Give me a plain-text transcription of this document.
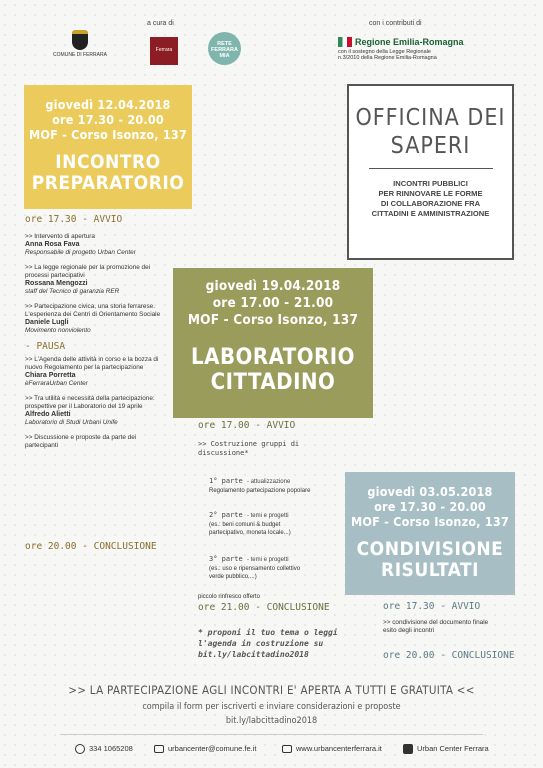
COMUNE DI FERRARA
a cura di
Ferrara
RETE FERRARA MIA
con i contributi di
Regione Emilia-Romagna
con il sostegno della Legge Regionale
n.3/2010 della Regione Emilia-Romagna
OFFICINA DEI
SAPERI
INCONTRI PUBBLICI
PER RINNOVARE LE FORME
DI COLLABORAZIONE FRA
CITTADINI E AMMINISTRAZIONE
giovedì 12.04.2018
ore 17.30 - 20.00
MOF - Corso Isonzo, 137
INCONTRO
PREPARATORIO
ore 17.30 - AVVIO
>> Intervento di apertura
Anna Rosa Fava
Responsabile di progetto Urban Center
>> La legge regionale per la promozione dei processi partecipativi
Rossana Mengozzi
staff del Tecnico di garanzia RER
>> Partecipazione civica, una storia ferrarese. L'esperienza dei Centri di Orientamento Sociale
Daniele Lugli
Movimento nonviolento
- PAUSA
>> L'Agenda delle attività in corso e la bozza di nuovo Regolamento per la partecipazione
Chiara Porretta
èFerraraUrban Center
>> Tra utilità e necessità della partecipazione: prospettive per il Laboratorio del 19 aprile
Alfredo Alietti
Laboratorio di Studi Urbani Unife
>> Discussione e proposte da parte dei partecipanti
ore 20.00 - CONCLUSIONE
giovedì 19.04.2018
ore 17.00 - 21.00
MOF - Corso Isonzo, 137
LABORATORIO
CITTADINO
ore 17.00 - AVVIO
>> Costruzione gruppi di
discussione*
1° parte - attualizzazione
Regolamento partecipazione popolare
2° parte - temi e progetti
(es.: beni comuni & budget
partecipativo, moneta locale...)
3° parte - temi e progetti
(es.: uso e ripensamento collettivo
verde pubblico,...)
piccolo rinfresco offerto
ore 21.00 - CONCLUSIONE
* proponi il tuo tema o leggi
l'agenda in costruzione su
bit.ly/labcittadino2018
giovedì 03.05.2018
ore 17.30 - 20.00
MOF - Corso Isonzo, 137
CONDIVISIONE
RISULTATI
ore 17.30 - AVVIO
>> condivisione del documento finale
esito degli incontri
ore 20.00 - CONCLUSIONE
>> LA PARTECIPAZIONE AGLI INCONTRI E' APERTA A TUTTI E GRATUITA <<
compila il form per iscriverti e inviare considerazioni e proposte
bit.ly/labcittadino2018
334 1065208	urbancenter@comune.fe.it	www.urbancenterferrara.it	Urban Center Ferrara
